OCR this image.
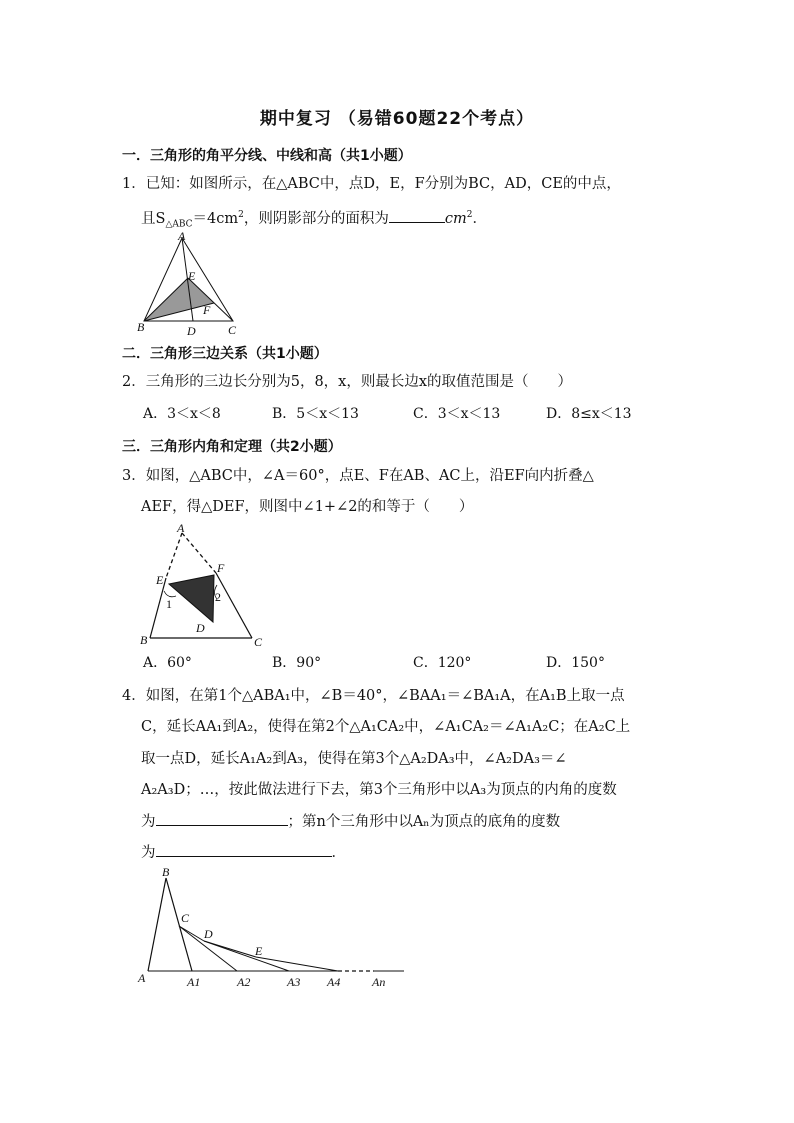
期中复习 （易错60题22个考点）
一．三角形的角平分线、中线和高（共1小题）
1．已知：如图所示，在△ABC中，点D，E，F分别为BC，AD，CE的中点，
且$S_{\triangle ABC}=4cm^2$，则阴影部分的面积为	$cm^2$．
A
B	C
D
E
F
二．三角形三边关系（共1小题）
2．三角形的三边长分别为5，8，x，则最长边x的取值范围是（　　）
A．3＜x＜8	B．5＜x＜13	C．3＜x＜13	D．8≤x＜13
三．三角形内角和定理（共2小题）
3．如图，△ABC中，∠A＝60°，点E、F在AB、AC上，沿EF向内折叠△
AEF，得△DEF，则图中∠1+∠2的和等于（　　）
A
B	C
D
E
F
1	2
A．60°	B．90°	C．120°	D．150°
4．如图，在第1个△ABA₁中，∠B＝40°，∠BAA₁＝∠BA₁A，在A₁B上取一点
C，延长AA₁到A₂，使得在第2个△A₁CA₂中，∠A₁CA₂＝∠A₁A₂C；在A₂C上
取一点D，延长A₁A₂到A₃，使得在第3个△A₂DA₃中，∠A₂DA₃＝∠
A₂A₃D；…，按此做法进行下去，第3个三角形中以A₃为顶点的内角的度数
为	；第n个三角形中以Aₙ为顶点的底角的度数
为	．
B
A
C
D
E
A1	A2	A3 A4	An
